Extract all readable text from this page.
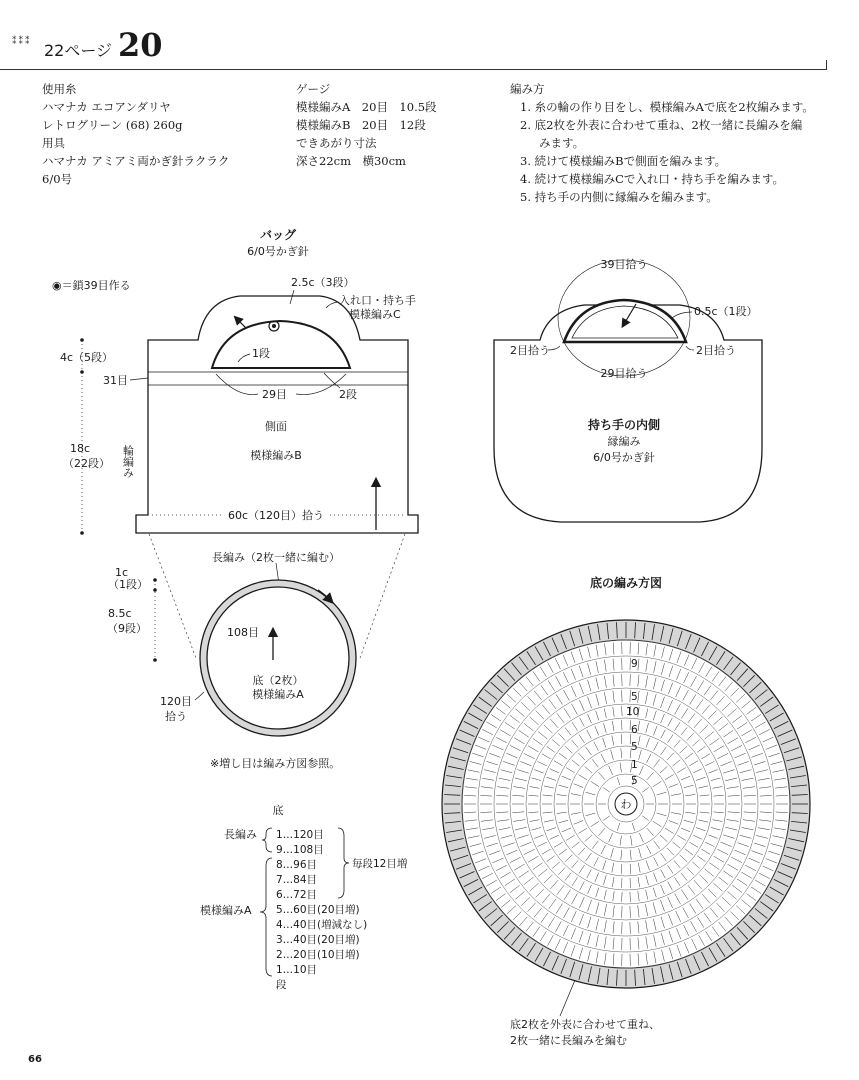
⁑⁑⁑ 22ページ 20
使用糸
ハマナカ エコアンダリヤ
レトログリーン (68) 260g
用具
ハマナカ アミアミ両かぎ針ラクラク
6/0号
ゲージ
模様編みA　20目　10.5段
模様編みB　20目　12段
できあがり寸法
深さ22cm　横30cm
編み方
1. 糸の輪の作り目をし、模様編みAで底を2枚編みます。
2. 底2枚を外表に合わせて重ね、2枚一緒に長編みを編
みます。
3. 続けて模様編みBで側面を編みます。
4. 続けて模様編みCで入れ口・持ち手を編みます。
5. 持ち手の内側に縁編みを編みます。
バッグ
6/0号かぎ針
◉＝鎖39目作る	2.5c（3段）
入れ口・持ち手
模様編みC
1段
4c（5段）
31目
29目	2段
18c
（22段） 輪編み
側面
模様編みB
60c（120目）拾う
長編み（2枚一緒に編む）
108目
底（2枚）
模様編みA
1c
（1段）
8.5c
（9段）
120目
拾う
※増し目は編み方図参照。
底
長編み
模様編みA
1…120目
9…108目
8…96目
7…84目
6…72目
5…60目(20目増)
4…40目(増減なし)
3…40目(20目増)
2…20目(10目増)
1…10目
段
毎段12目増
39目拾う
0.5c（1段）
2目拾う	2目拾う
29目拾う
持ち手の内側
縁編み
6/0号かぎ針
底の編み方図
わ
9
5
10
6
5
1
5
底2枚を外表に合わせて重ね、
2枚一緒に長編みを編む
66
